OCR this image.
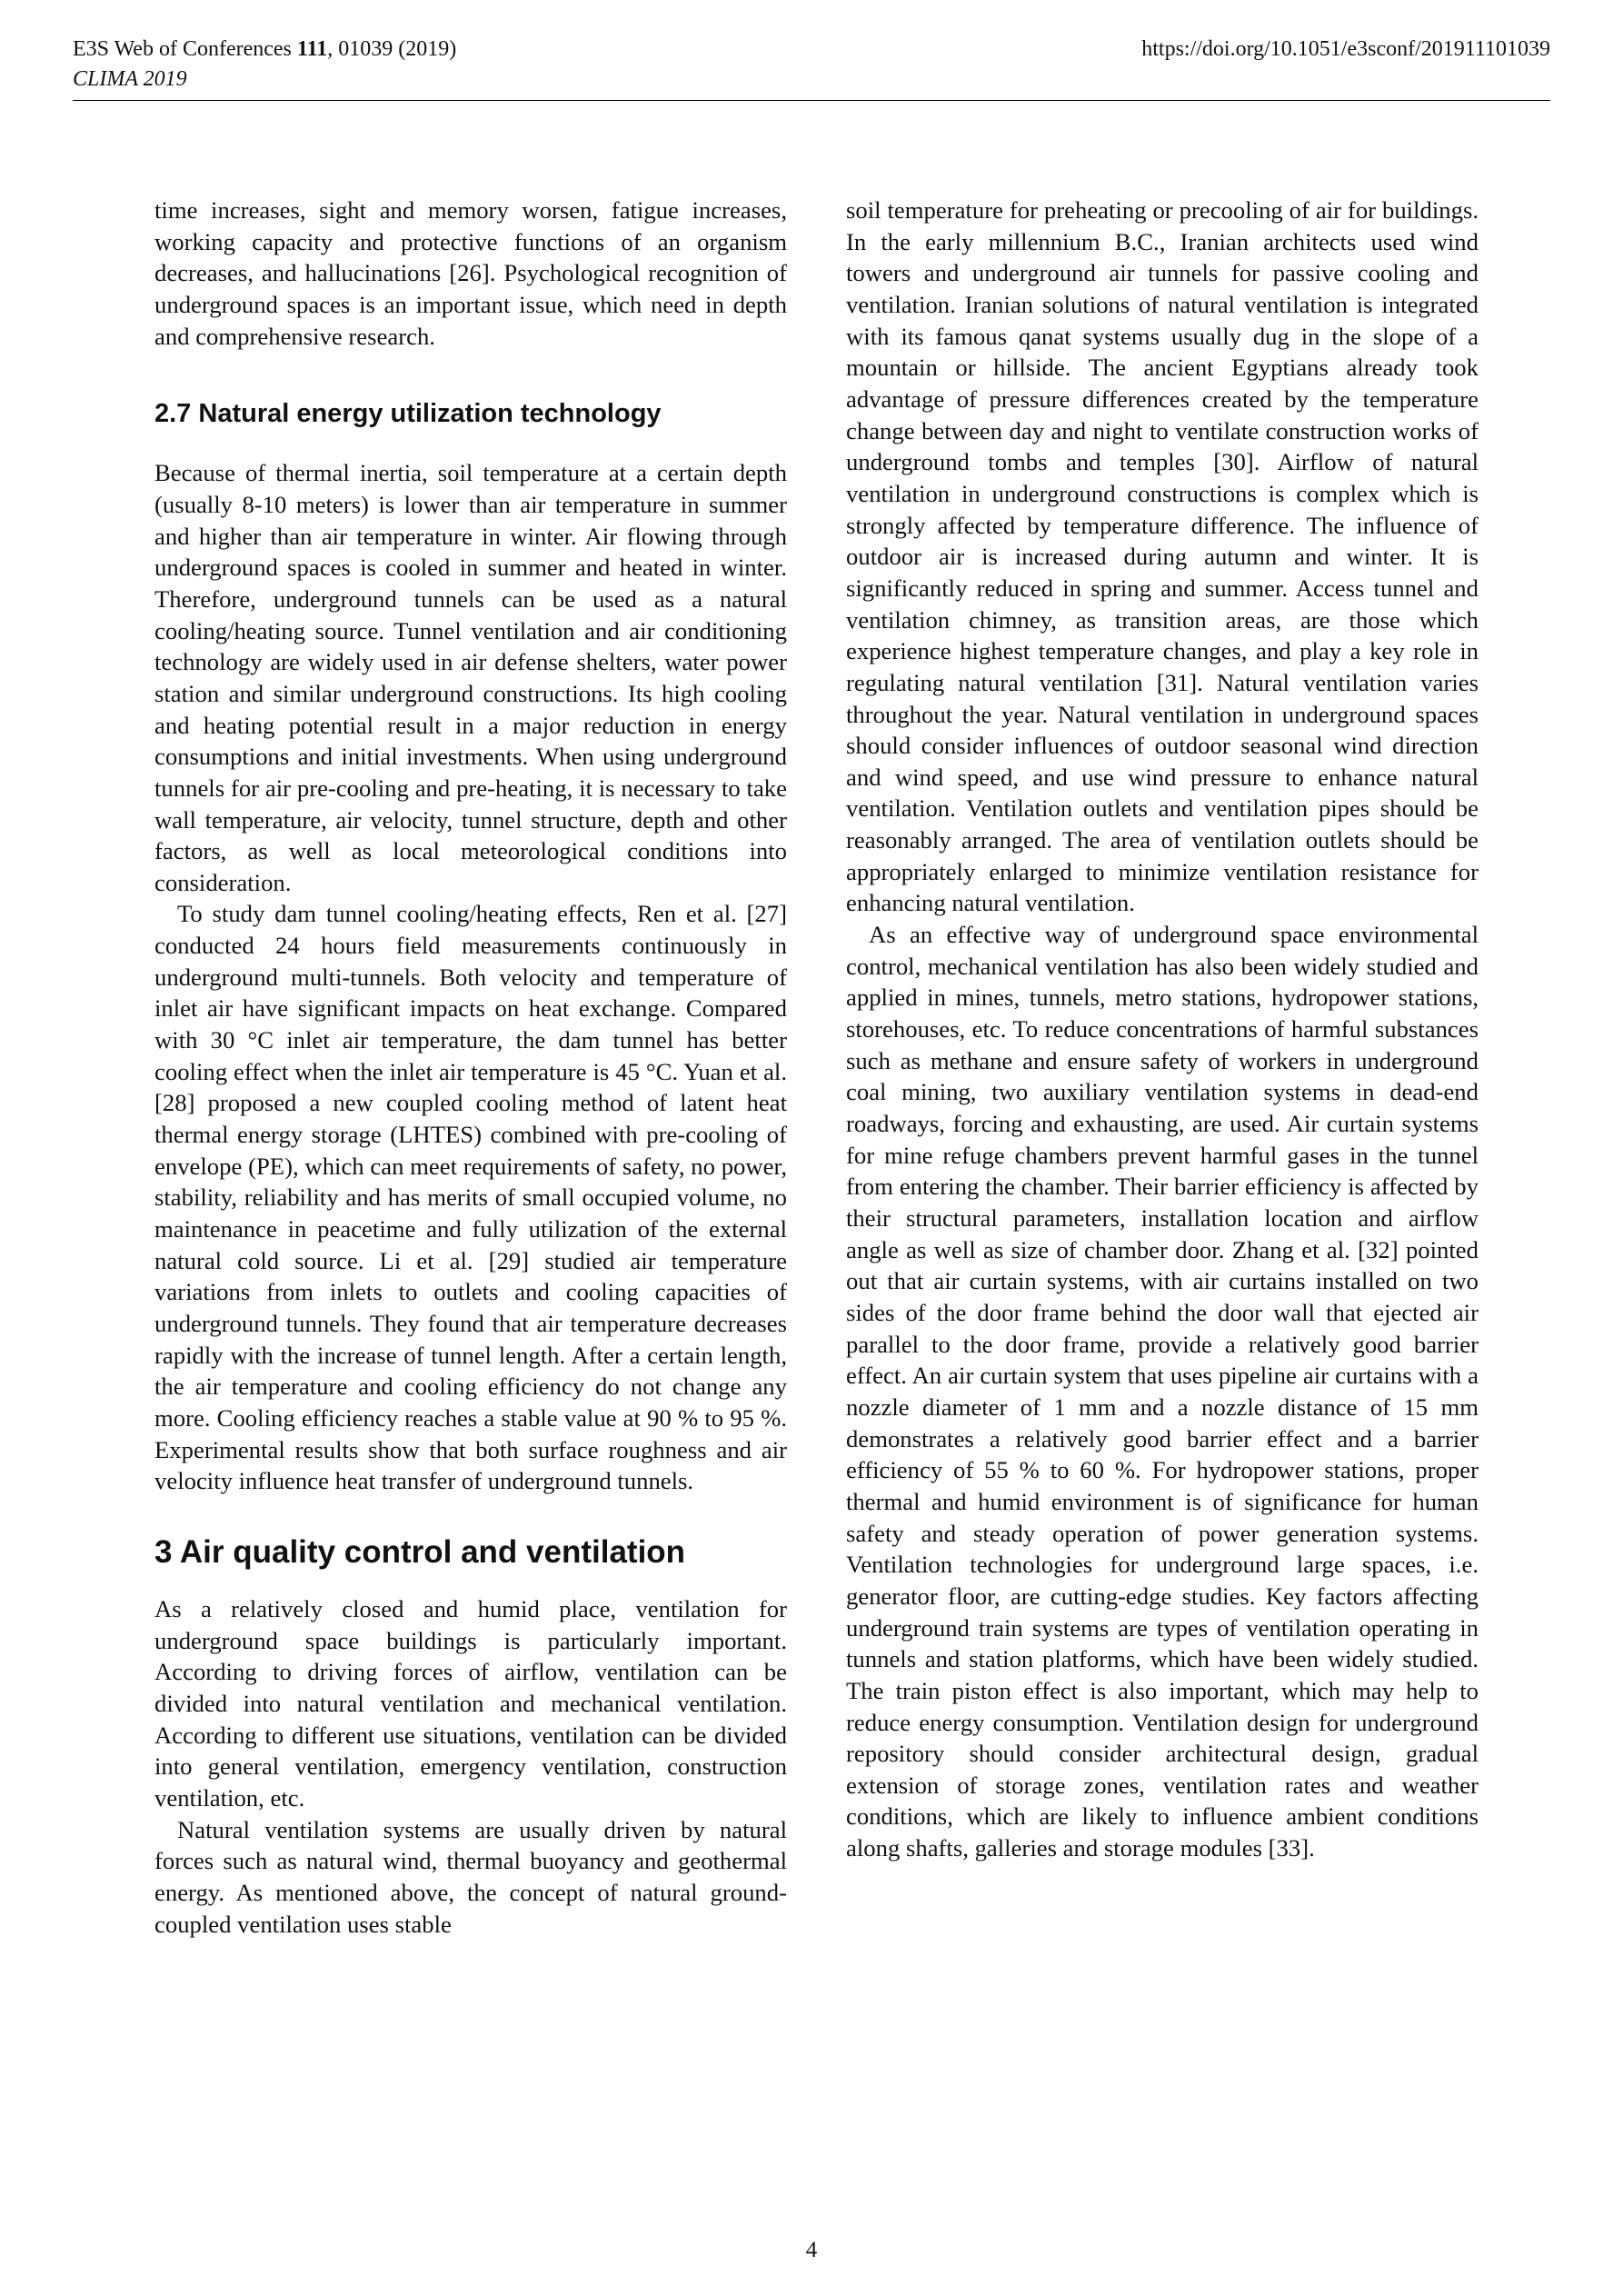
E3S Web of Conferences 111, 01039 (2019)
CLIMA 2019
https://doi.org/10.1051/e3sconf/201911101039

time increases, sight and memory worsen, fatigue increases, working capacity and protective functions of an organism decreases, and hallucinations [26]. Psychological recognition of underground spaces is an important issue, which need in depth and comprehensive research.

2.7 Natural energy utilization technology

Because of thermal inertia, soil temperature at a certain depth (usually 8-10 meters) is lower than air temperature in summer and higher than air temperature in winter. Air flowing through underground spaces is cooled in summer and heated in winter. Therefore, underground tunnels can be used as a natural cooling/heating source. Tunnel ventilation and air conditioning technology are widely used in air defense shelters, water power station and similar underground constructions. Its high cooling and heating potential result in a major reduction in energy consumptions and initial investments. When using underground tunnels for air pre-cooling and pre-heating, it is necessary to take wall temperature, air velocity, tunnel structure, depth and other factors, as well as local meteorological conditions into consideration.

To study dam tunnel cooling/heating effects, Ren et al. [27] conducted 24 hours field measurements continuously in underground multi-tunnels. Both velocity and temperature of inlet air have significant impacts on heat exchange. Compared with 30 °C inlet air temperature, the dam tunnel has better cooling effect when the inlet air temperature is 45 °C. Yuan et al. [28] proposed a new coupled cooling method of latent heat thermal energy storage (LHTES) combined with pre-cooling of envelope (PE), which can meet requirements of safety, no power, stability, reliability and has merits of small occupied volume, no maintenance in peacetime and fully utilization of the external natural cold source. Li et al. [29] studied air temperature variations from inlets to outlets and cooling capacities of underground tunnels. They found that air temperature decreases rapidly with the increase of tunnel length. After a certain length, the air temperature and cooling efficiency do not change any more. Cooling efficiency reaches a stable value at 90 % to 95 %. Experimental results show that both surface roughness and air velocity influence heat transfer of underground tunnels.

3 Air quality control and ventilation

As a relatively closed and humid place, ventilation for underground space buildings is particularly important. According to driving forces of airflow, ventilation can be divided into natural ventilation and mechanical ventilation. According to different use situations, ventilation can be divided into general ventilation, emergency ventilation, construction ventilation, etc.

Natural ventilation systems are usually driven by natural forces such as natural wind, thermal buoyancy and geothermal energy. As mentioned above, the concept of natural ground-coupled ventilation uses stable

soil temperature for preheating or precooling of air for buildings. In the early millennium B.C., Iranian architects used wind towers and underground air tunnels for passive cooling and ventilation. Iranian solutions of natural ventilation is integrated with its famous qanat systems usually dug in the slope of a mountain or hillside. The ancient Egyptians already took advantage of pressure differences created by the temperature change between day and night to ventilate construction works of underground tombs and temples [30]. Airflow of natural ventilation in underground constructions is complex which is strongly affected by temperature difference. The influence of outdoor air is increased during autumn and winter. It is significantly reduced in spring and summer. Access tunnel and ventilation chimney, as transition areas, are those which experience highest temperature changes, and play a key role in regulating natural ventilation [31]. Natural ventilation varies throughout the year. Natural ventilation in underground spaces should consider influences of outdoor seasonal wind direction and wind speed, and use wind pressure to enhance natural ventilation. Ventilation outlets and ventilation pipes should be reasonably arranged. The area of ventilation outlets should be appropriately enlarged to minimize ventilation resistance for enhancing natural ventilation.

As an effective way of underground space environmental control, mechanical ventilation has also been widely studied and applied in mines, tunnels, metro stations, hydropower stations, storehouses, etc. To reduce concentrations of harmful substances such as methane and ensure safety of workers in underground coal mining, two auxiliary ventilation systems in dead-end roadways, forcing and exhausting, are used. Air curtain systems for mine refuge chambers prevent harmful gases in the tunnel from entering the chamber. Their barrier efficiency is affected by their structural parameters, installation location and airflow angle as well as size of chamber door. Zhang et al. [32] pointed out that air curtain systems, with air curtains installed on two sides of the door frame behind the door wall that ejected air parallel to the door frame, provide a relatively good barrier effect. An air curtain system that uses pipeline air curtains with a nozzle diameter of 1 mm and a nozzle distance of 15 mm demonstrates a relatively good barrier effect and a barrier efficiency of 55 % to 60 %. For hydropower stations, proper thermal and humid environment is of significance for human safety and steady operation of power generation systems. Ventilation technologies for underground large spaces, i.e. generator floor, are cutting-edge studies. Key factors affecting underground train systems are types of ventilation operating in tunnels and station platforms, which have been widely studied. The train piston effect is also important, which may help to reduce energy consumption. Ventilation design for underground repository should consider architectural design, gradual extension of storage zones, ventilation rates and weather conditions, which are likely to influence ambient conditions along shafts, galleries and storage modules [33].

4
